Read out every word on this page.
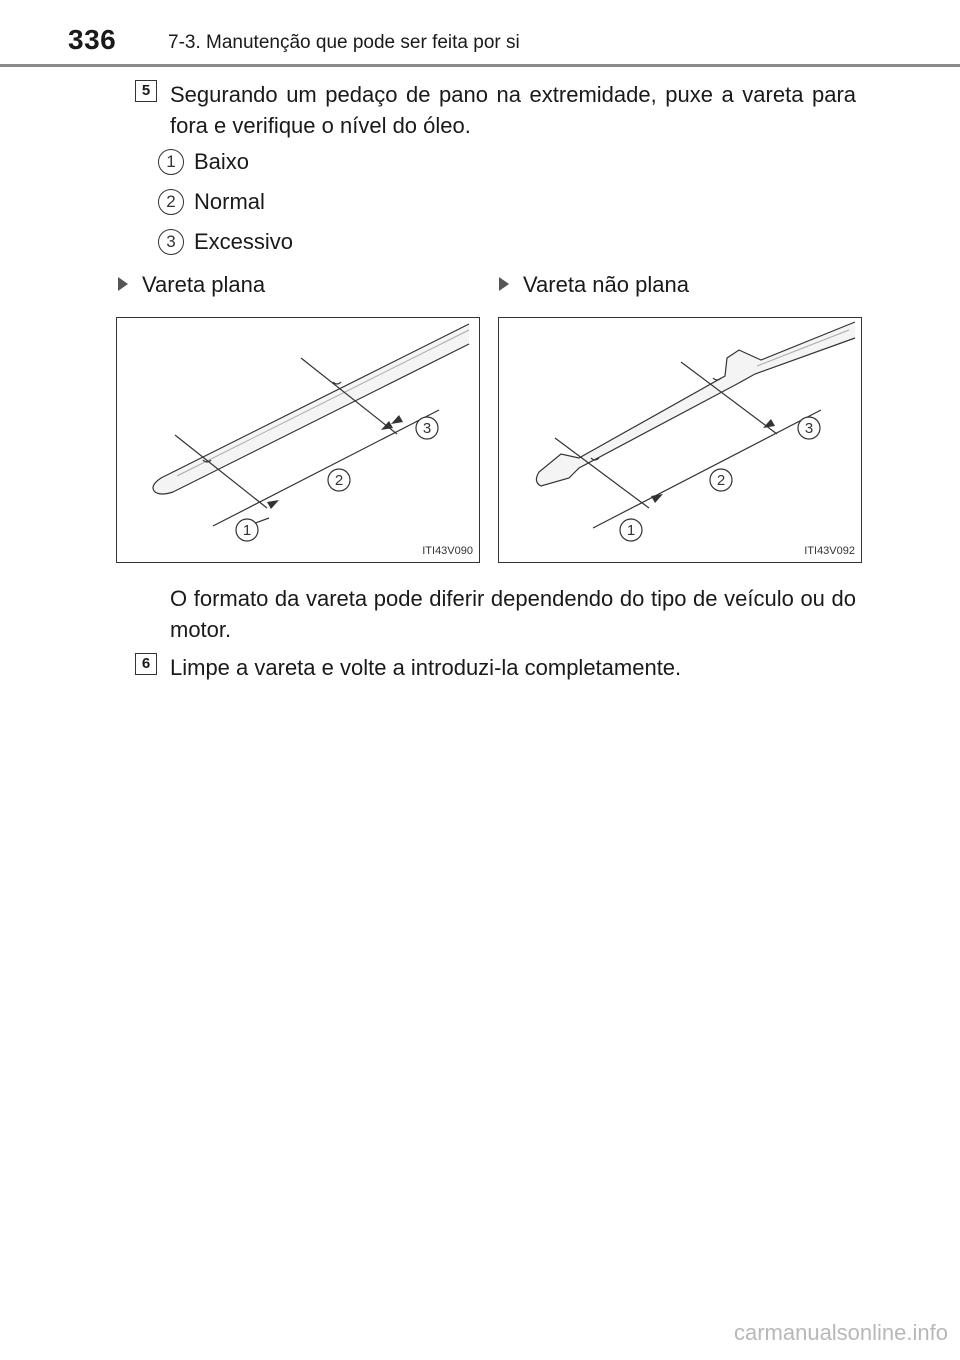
336	7-3. Manutenção que pode ser feita por si
5 Segurando um pedaço de pano na extremidade, puxe a vareta para fora e verifique o nível do óleo.
1 Baixo
2 Normal
3 Excessivo
Vareta plana	Vareta não plana
1
2
3
ITI43V090
1
2
3
ITI43V092
O formato da vareta pode diferir dependendo do tipo de veículo ou do motor.
6 Limpe a vareta e volte a introduzi-la completamente.
carmanualsonline.info
